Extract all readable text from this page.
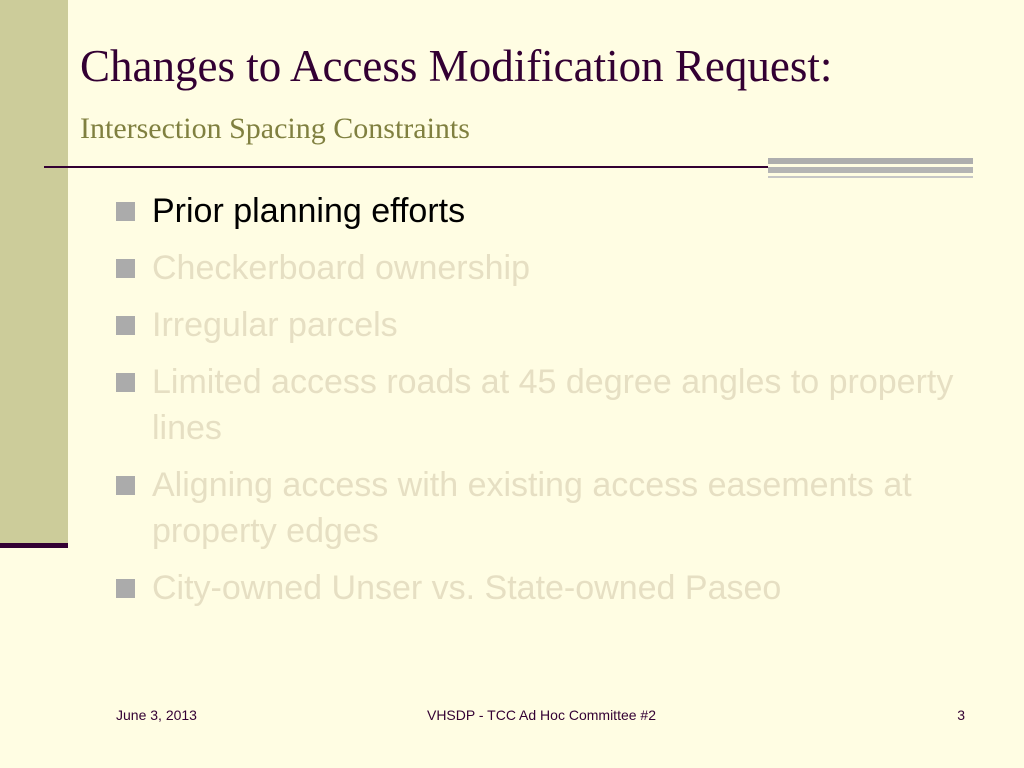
Changes to Access Modification Request:
Intersection Spacing Constraints
Prior planning efforts
Checkerboard ownership
Irregular parcels
Limited access roads at 45 degree angles to property lines
Aligning access with existing access easements at property edges
City-owned Unser vs. State-owned Paseo
June 3, 2013	VHSDP - TCC Ad Hoc Committee #2	3
